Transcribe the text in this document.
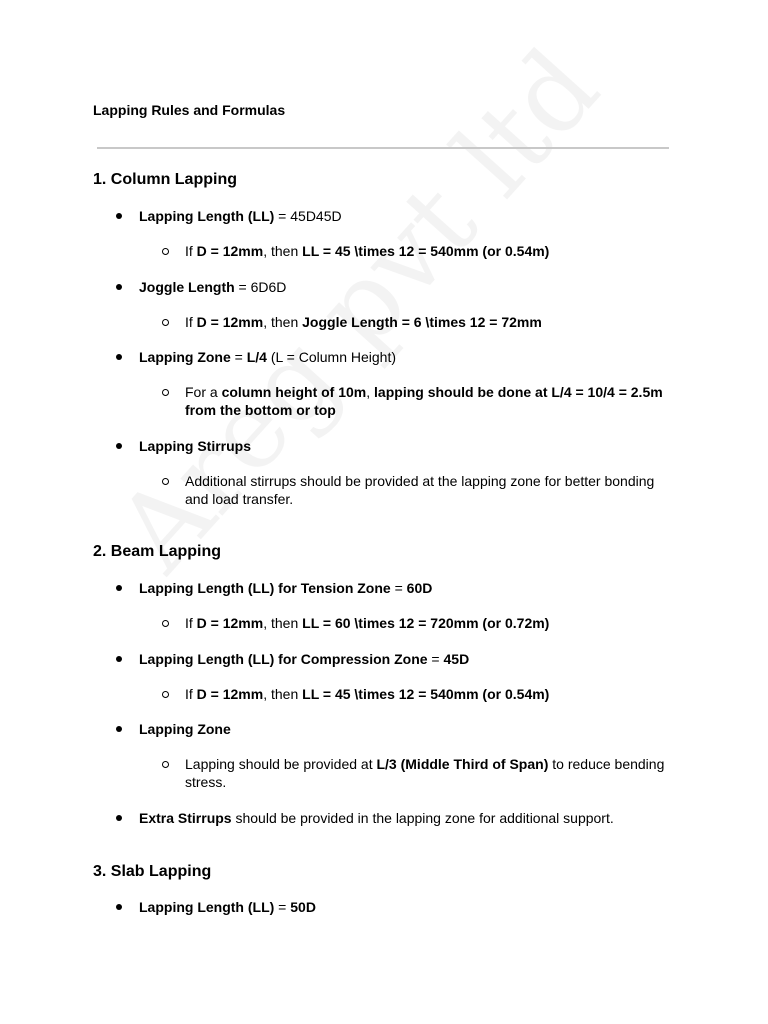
Lapping Rules and Formulas
1. Column Lapping
Lapping Length (LL) = 45D45D
If D = 12mm, then LL = 45 \times 12 = 540mm (or 0.54m)
Joggle Length = 6D6D
If D = 12mm, then Joggle Length = 6 \times 12 = 72mm
Lapping Zone = L/4 (L = Column Height)
For a column height of 10m, lapping should be done at L/4 = 10/4 = 2.5m from the bottom or top
Lapping Stirrups
Additional stirrups should be provided at the lapping zone for better bonding and load transfer.
2. Beam Lapping
Lapping Length (LL) for Tension Zone = 60D
If D = 12mm, then LL = 60 \times 12 = 720mm (or 0.72m)
Lapping Length (LL) for Compression Zone = 45D
If D = 12mm, then LL = 45 \times 12 = 540mm (or 0.54m)
Lapping Zone
Lapping should be provided at L/3 (Middle Third of Span) to reduce bending stress.
Extra Stirrups should be provided in the lapping zone for additional support.
3. Slab Lapping
Lapping Length (LL) = 50D
